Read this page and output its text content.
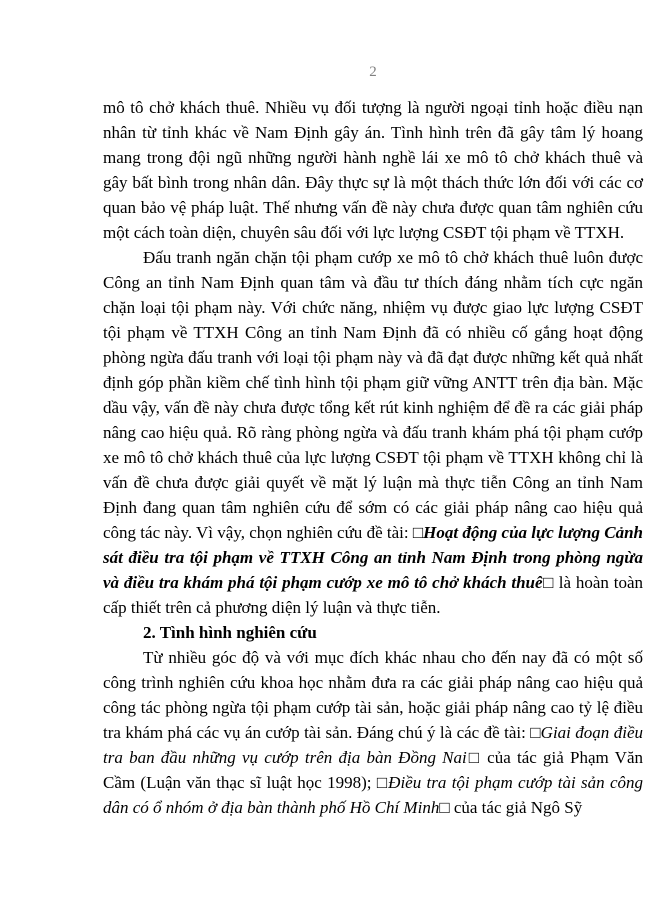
2

mô tô chở khách thuê. Nhiều vụ đối tượng là người ngoại tỉnh hoặc điều nạn nhân từ tỉnh khác về Nam Định gây án. Tình hình trên đã gây tâm lý hoang mang trong đội ngũ những người hành nghề lái xe mô tô chở khách thuê và gây bất bình trong nhân dân. Đây thực sự là một thách thức lớn đối với các cơ quan bảo vệ pháp luật. Thế nhưng vấn đề này chưa được quan tâm nghiên cứu một cách toàn diện, chuyên sâu đối với lực lượng CSĐT tội phạm về TTXH.

Đấu tranh ngăn chặn tội phạm cướp xe mô tô chở khách thuê luôn được Công an tỉnh Nam Định quan tâm và đầu tư thích đáng nhằm tích cực ngăn chặn loại tội phạm này. Với chức năng, nhiệm vụ được giao lực lượng CSĐT tội phạm về TTXH Công an tỉnh Nam Định đã có nhiều cố gắng hoạt động phòng ngừa đấu tranh với loại tội phạm này và đã đạt được những kết quả nhất định góp phần kiềm chế tình hình tội phạm giữ vững ANTT trên địa bàn. Mặc dầu vậy, vấn đề này chưa được tổng kết rút kinh nghiệm để đề ra các giải pháp nâng cao hiệu quả. Rõ ràng phòng ngừa và đấu tranh khám phá tội phạm cướp xe mô tô chở khách thuê của lực lượng CSĐT tội phạm về TTXH không chỉ là vấn đề chưa được giải quyết về mặt lý luận mà thực tiễn Công an tỉnh Nam Định đang quan tâm nghiên cứu để sớm có các giải pháp nâng cao hiệu quả công tác này. Vì vậy, chọn nghiên cứu đề tài: □Hoạt động của lực lượng Cảnh sát điều tra tội phạm về TTXH Công an tỉnh Nam Định trong phòng ngừa và điều tra khám phá tội phạm cướp xe mô tô chở khách thuê□ là hoàn toàn cấp thiết trên cả phương diện lý luận và thực tiễn.

2. Tình hình nghiên cứu

Từ nhiều góc độ và với mục đích khác nhau cho đến nay đã có một số công trình nghiên cứu khoa học nhằm đưa ra các giải pháp nâng cao hiệu quả công tác phòng ngừa tội phạm cướp tài sản, hoặc giải pháp nâng cao tỷ lệ điều tra khám phá các vụ án cướp tài sản. Đáng chú ý là các đề tài: □Giai đoạn điều tra ban đầu những vụ cướp trên địa bàn Đồng Nai□ của tác giả Phạm Văn Cầm (Luận văn thạc sĩ luật học 1998); □Điều tra tội phạm cướp tài sản công dân có ổ nhóm ở địa bàn thành phố Hồ Chí Minh□ của tác giả Ngô Sỹ
